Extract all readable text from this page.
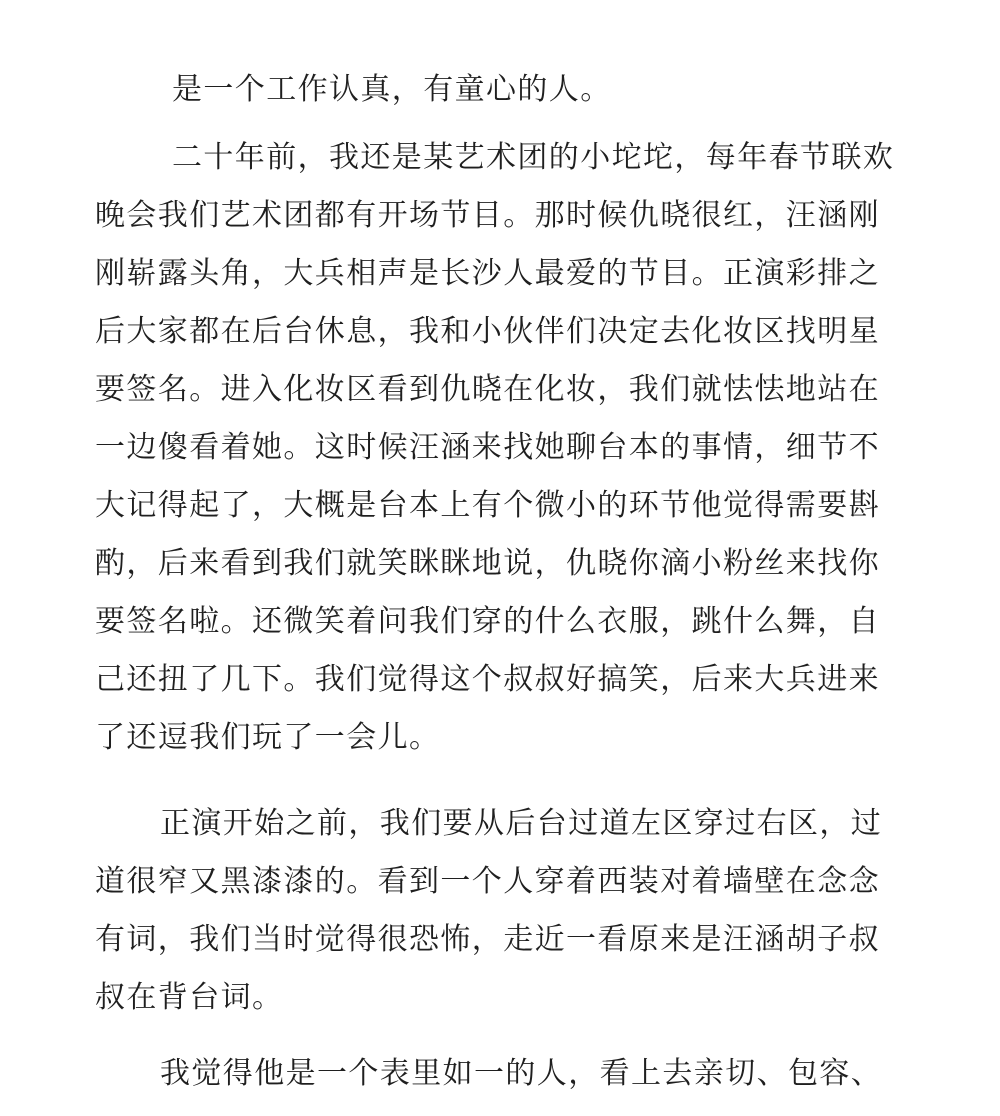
是一个工作认真，有童心的人。

二十年前，我还是某艺术团的小坨坨，每年春节联欢

晚会我们艺术团都有开场节目。那时候仇晓很红，汪涵刚

刚崭露头角，大兵相声是长沙人最爱的节目。正演彩排之

后大家都在后台休息，我和小伙伴们决定去化妆区找明星

要签名。进入化妆区看到仇晓在化妆，我们就怯怯地站在

一边傻看着她。这时候汪涵来找她聊台本的事情，细节不

大记得起了，大概是台本上有个微小的环节他觉得需要斟

酌，后来看到我们就笑眯眯地说，仇晓你滴小粉丝来找你

要签名啦。还微笑着问我们穿的什么衣服，跳什么舞，自

己还扭了几下。我们觉得这个叔叔好搞笑，后来大兵进来

了还逗我们玩了一会儿。

正演开始之前，我们要从后台过道左区穿过右区，过

道很窄又黑漆漆的。看到一个人穿着西装对着墙壁在念念

有词，我们当时觉得很恐怖，走近一看原来是汪涵胡子叔

叔在背台词。

我觉得他是一个表里如一的人，看上去亲切、包容、
